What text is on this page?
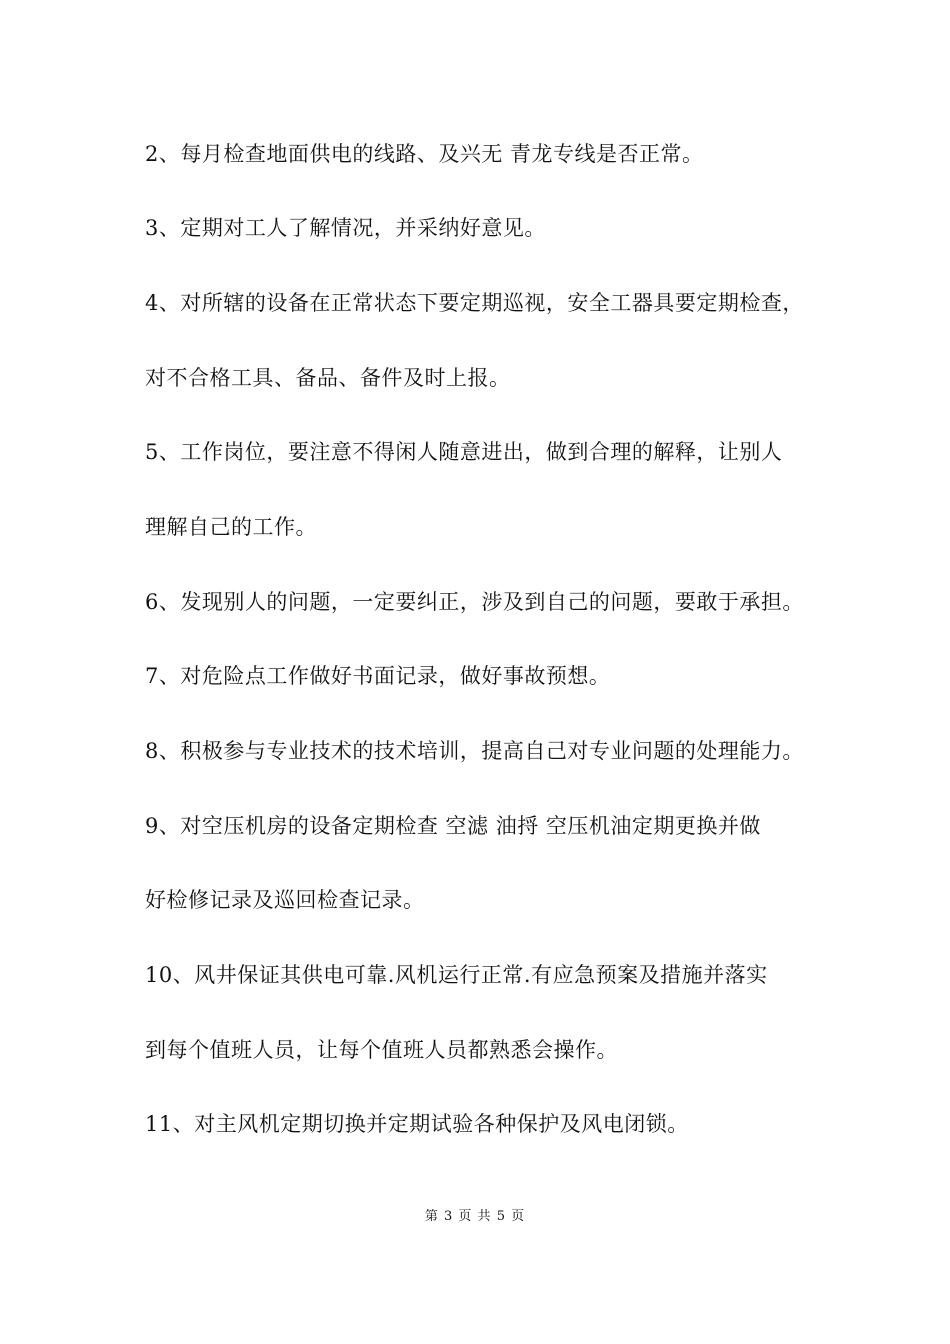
2、每月检查地面供电的线路、及兴无 青龙专线是否正常。
3、定期对工人了解情况，并采纳好意见。
4、对所辖的设备在正常状态下要定期巡视，安全工器具要定期检查，
对不合格工具、备品、备件及时上报。
5、工作岗位，要注意不得闲人随意进出，做到合理的解释，让别人
理解自己的工作。
6、发现别人的问题，一定要纠正，涉及到自己的问题，要敢于承担。
7、对危险点工作做好书面记录，做好事故预想。
8、积极参与专业技术的技术培训，提高自己对专业问题的处理能力。
9、对空压机房的设备定期检查 空滤 油捋 空压机油定期更换并做
好检修记录及巡回检查记录。
10、风井保证其供电可靠.风机运行正常.有应急预案及措施并落实
到每个值班人员，让每个值班人员都熟悉会操作。
11、对主风机定期切换并定期试验各种保护及风电闭锁。
第 3 页 共 5 页
